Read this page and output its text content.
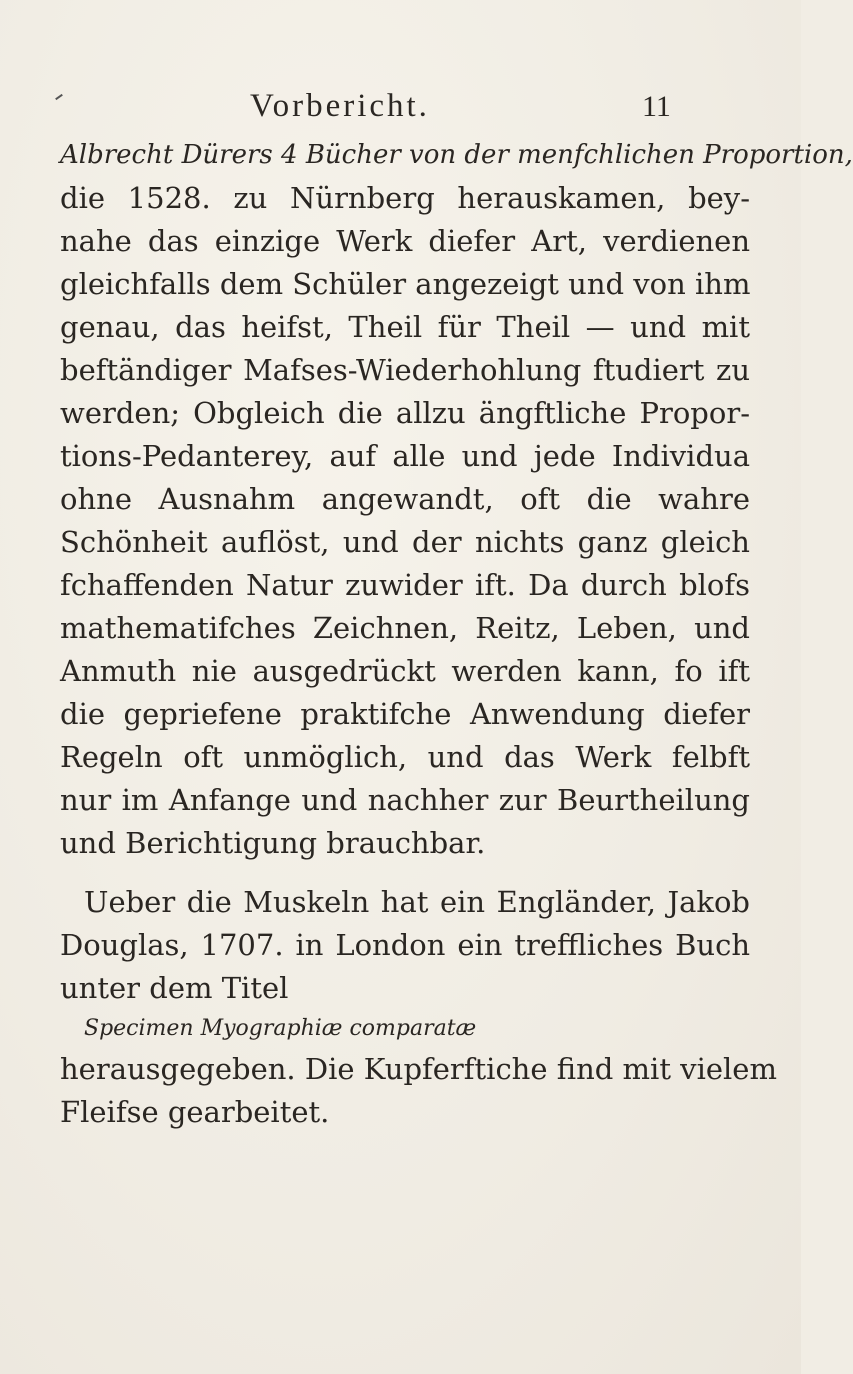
Vorbericht.	11
Albrecht Dürers 4 Bücher von der menfchlichen Proportion,
die 1528. zu Nürnberg herauskamen, bey-
nahe das einzige Werk diefer Art, verdienen
gleichfalls dem Schüler angezeigt und von ihm
genau, das heifst, Theil für Theil — und mit
beftändiger Mafses-Wiederhohlung ftudiert zu
werden; Obgleich die allzu ängftliche Propor-
tions-Pedanterey, auf alle und jede Individua
ohne Ausnahm angewandt, oft die wahre
Schönheit auflöst, und der nichts ganz gleich
fchaffenden Natur zuwider ift. Da durch blofs
mathematifches Zeichnen, Reitz, Leben, und
Anmuth nie ausgedrückt werden kann, fo ift
die gepriefene praktifche Anwendung diefer
Regeln oft unmöglich, und das Werk felbft
nur im Anfange und nachher zur Beurtheilung
und Berichtigung brauchbar.
Ueber die Muskeln hat ein Engländer, Jakob
Douglas, 1707. in London ein treffliches Buch
unter dem Titel
Specimen Myographiæ comparatæ
herausgegeben. Die Kupferftiche find mit vielem
Fleifse gearbeitet.
